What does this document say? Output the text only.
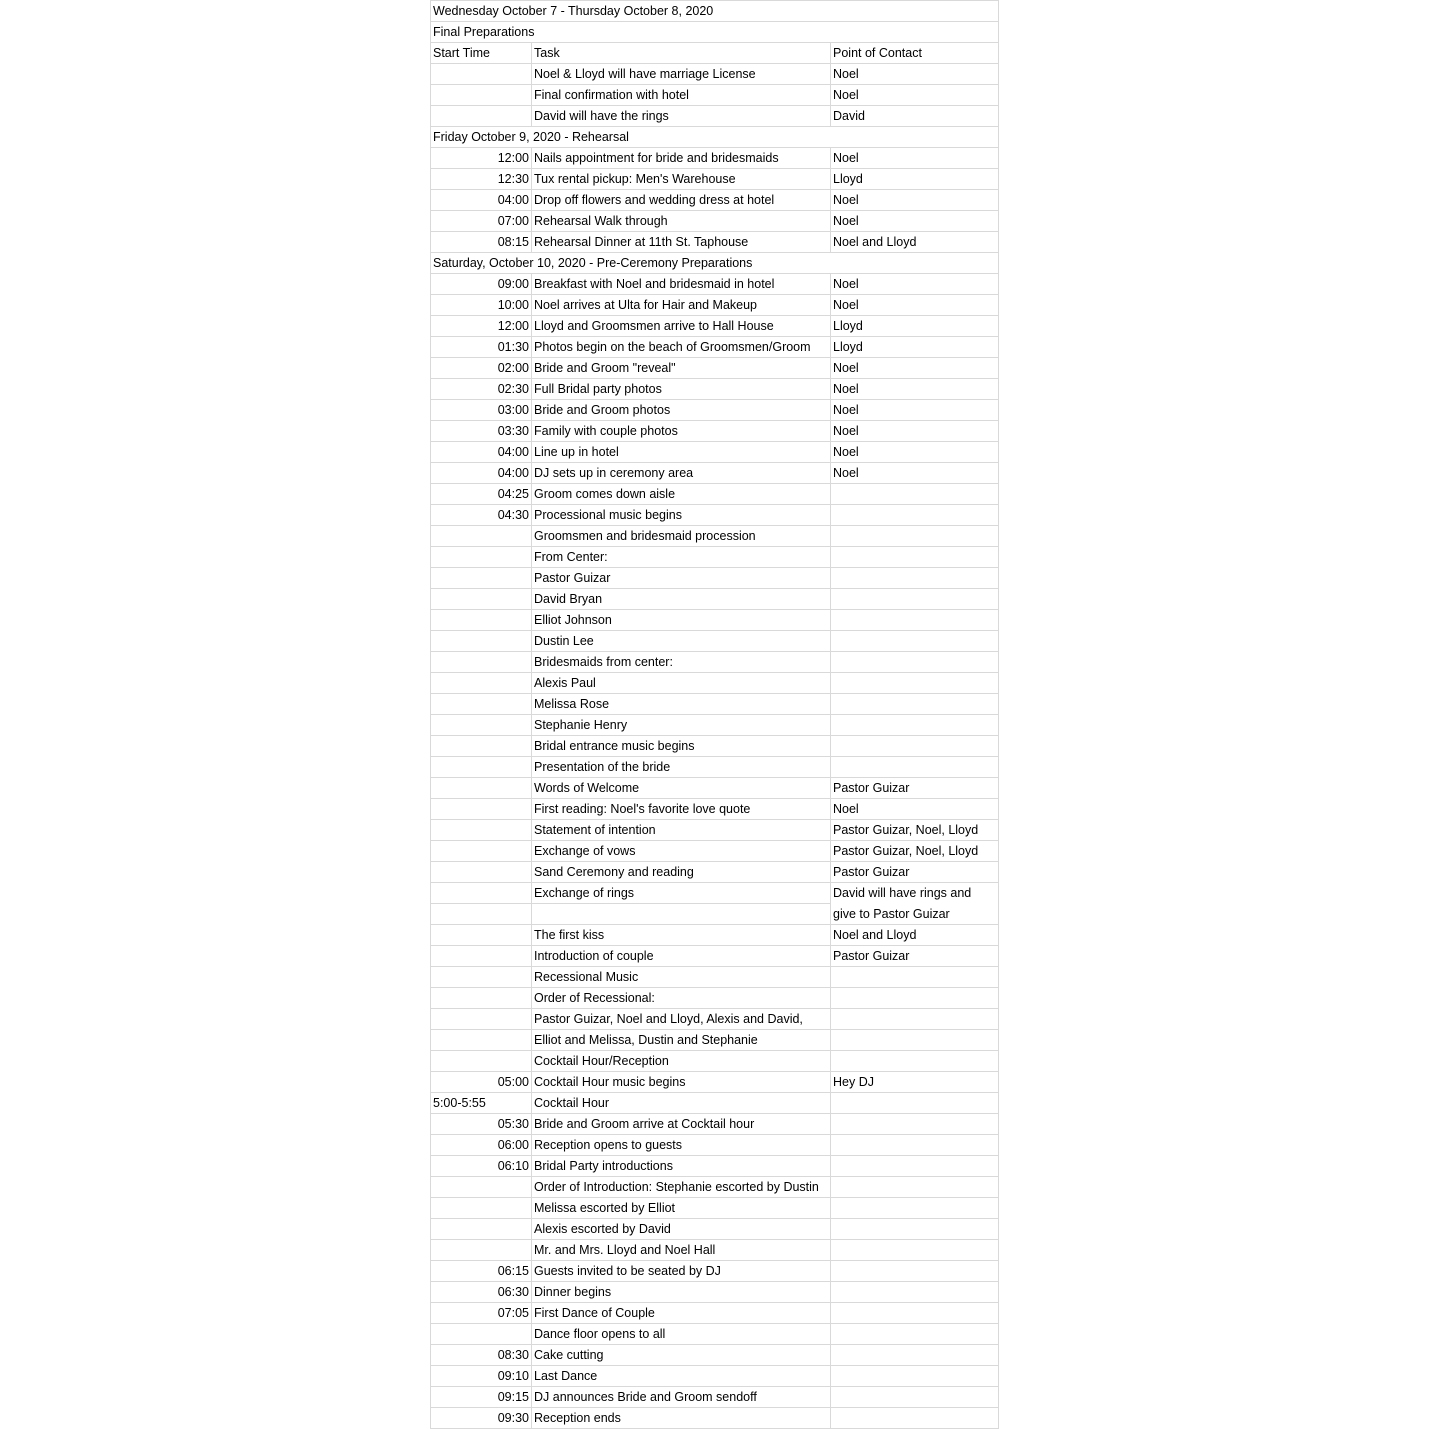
Wednesday October 7 - Thursday October 8, 2020		
Final Preparations		
Start Time	Task	Point of Contact
	Noel & Lloyd will have marriage License	Noel
	Final confirmation with hotel	Noel
	David will have the rings	David
Friday October 9, 2020 - Rehearsal		
12:00	Nails appointment for bride and bridesmaids	Noel
12:30	Tux rental pickup: Men's Warehouse	Lloyd
04:00	Drop off flowers and wedding dress at hotel	Noel
07:00	Rehearsal Walk through	Noel
08:15	Rehearsal Dinner at 11th St. Taphouse	Noel and Lloyd
Saturday, October 10, 2020 - Pre-Ceremony Preparations		
09:00	Breakfast with Noel and bridesmaid in hotel	Noel
10:00	Noel arrives at Ulta for Hair and Makeup	Noel
12:00	Lloyd and Groomsmen arrive to Hall House	Lloyd
01:30	Photos begin on the beach of Groomsmen/Groom	Lloyd
02:00	Bride and Groom "reveal"	Noel
02:30	Full Bridal party photos	Noel
03:00	Bride and Groom photos	Noel
03:30	Family with couple photos	Noel
04:00	Line up in hotel	Noel
04:00	DJ sets up in ceremony area	Noel
04:25	Groom comes down aisle	
04:30	Processional music begins	
	Groomsmen and bridesmaid procession	
	From Center:	
	Pastor Guizar	
	David Bryan	
	Elliot Johnson	
	Dustin Lee	
	Bridesmaids from center:	
	Alexis Paul	
	Melissa Rose	
	Stephanie Henry	
	Bridal entrance music begins	
	Presentation of the bride	
	Words of Welcome	Pastor Guizar
	First reading: Noel's favorite love quote	Noel
	Statement of intention	Pastor Guizar, Noel, Lloyd
	Exchange of vows	Pastor Guizar, Noel, Lloyd
	Sand Ceremony and reading	Pastor Guizar
	Exchange of rings	David will have rings and
		give to Pastor Guizar
	The first kiss	Noel and Lloyd
	Introduction of couple	Pastor Guizar
	Recessional Music	
	Order of Recessional:	
	Pastor Guizar, Noel and Lloyd, Alexis and David,	
	Elliot and Melissa, Dustin and Stephanie	
	Cocktail Hour/Reception	
05:00	Cocktail Hour music begins	Hey DJ
5:00-5:55	Cocktail Hour	
05:30	Bride and Groom arrive at Cocktail hour	
06:00	Reception opens to guests	
06:10	Bridal Party introductions	
	Order of Introduction: Stephanie escorted by Dustin	
	Melissa escorted by Elliot	
	Alexis escorted by David	
	Mr. and Mrs. Lloyd and Noel Hall	
06:15	Guests invited to be seated by DJ	
06:30	Dinner begins	
07:05	First Dance of Couple	
	Dance floor opens to all	
08:30	Cake cutting	
09:10	Last Dance	
09:15	DJ announces Bride and Groom sendoff	
09:30	Reception ends	
